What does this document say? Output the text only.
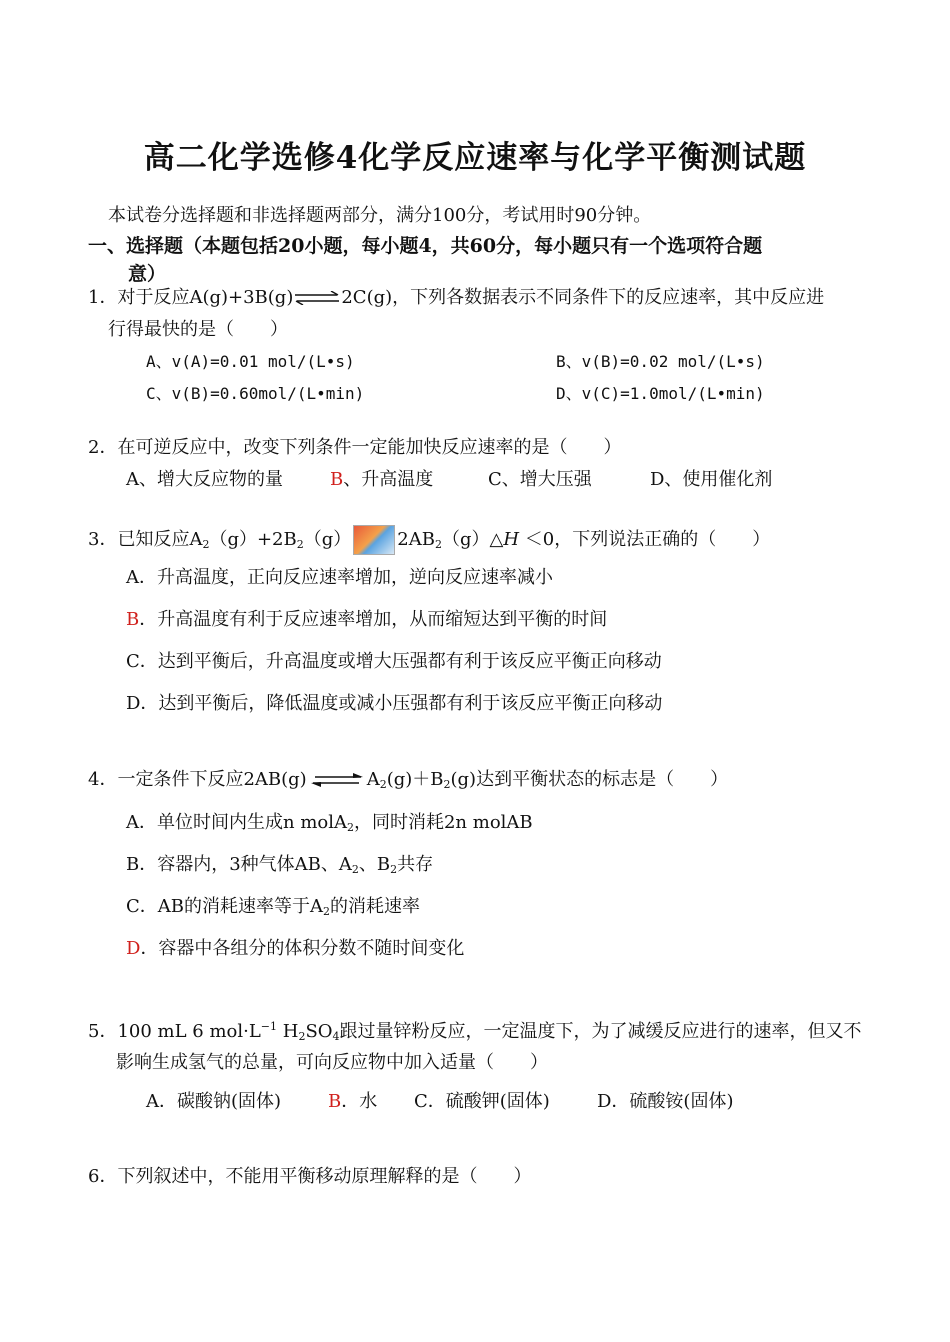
高二化学选修4化学反应速率与化学平衡测试题
本试卷分选择题和非选择题两部分，满分100分，考试用时90分钟。
一、选择题（本题包括20小题，每小题4，共60分，每小题只有一个选项符合题
意）
1．对于反应A(g)+3B(g)⇌2C(g)，下列各数据表示不同条件下的反应速率，其中反应进
行得最快的是（　　）
A、v(A)=0.01 mol/(L•s)	B、v(B)=0.02 mol/(L•s)
C、v(B)=0.60mol/(L•min)	D、v(C)=1.0mol/(L•min)
2．在可逆反应中，改变下列条件一定能加快反应速率的是（　　）
A、增大反应物的量	B、升高温度	C、增大压强	D、使用催化剂
3．已知反应$A_2(g)+2B_2(g)$	$2AB_2(g)\triangle H <0$，下列说法正确的（　　）
A．升高温度，正向反应速率增加，逆向反应速率减小
B．升高温度有利于反应速率增加，从而缩短达到平衡的时间
C．达到平衡后，升高温度或增大压强都有利于该反应平衡正向移动
D．达到平衡后，降低温度或减小压强都有利于该反应平衡正向移动
4．一定条件下反应$2AB(g)\rightleftharpoons A_2(g)+B_2(g)$达到平衡状态的标志是（　　）
A．单位时间内生成n molA$_2$，同时消耗2n molAB
B．容器内，3种气体AB、$A_2$、$B_2$共存
C．AB的消耗速率等于$A_2$的消耗速率
D．容器中各组分的体积分数不随时间变化
5．100 mL 6 $mol\cdot L^{-1}$ $H_2SO_4$跟过量锌粉反应，一定温度下，为了减缓反应进行的速率，但又不
影响生成氢气的总量，可向反应物中加入适量（　　）
A．碳酸钠(固体)	B．水 C．硫酸钾(固体)	D．硫酸铵(固体)
6．下列叙述中，不能用平衡移动原理解释的是（　　）
